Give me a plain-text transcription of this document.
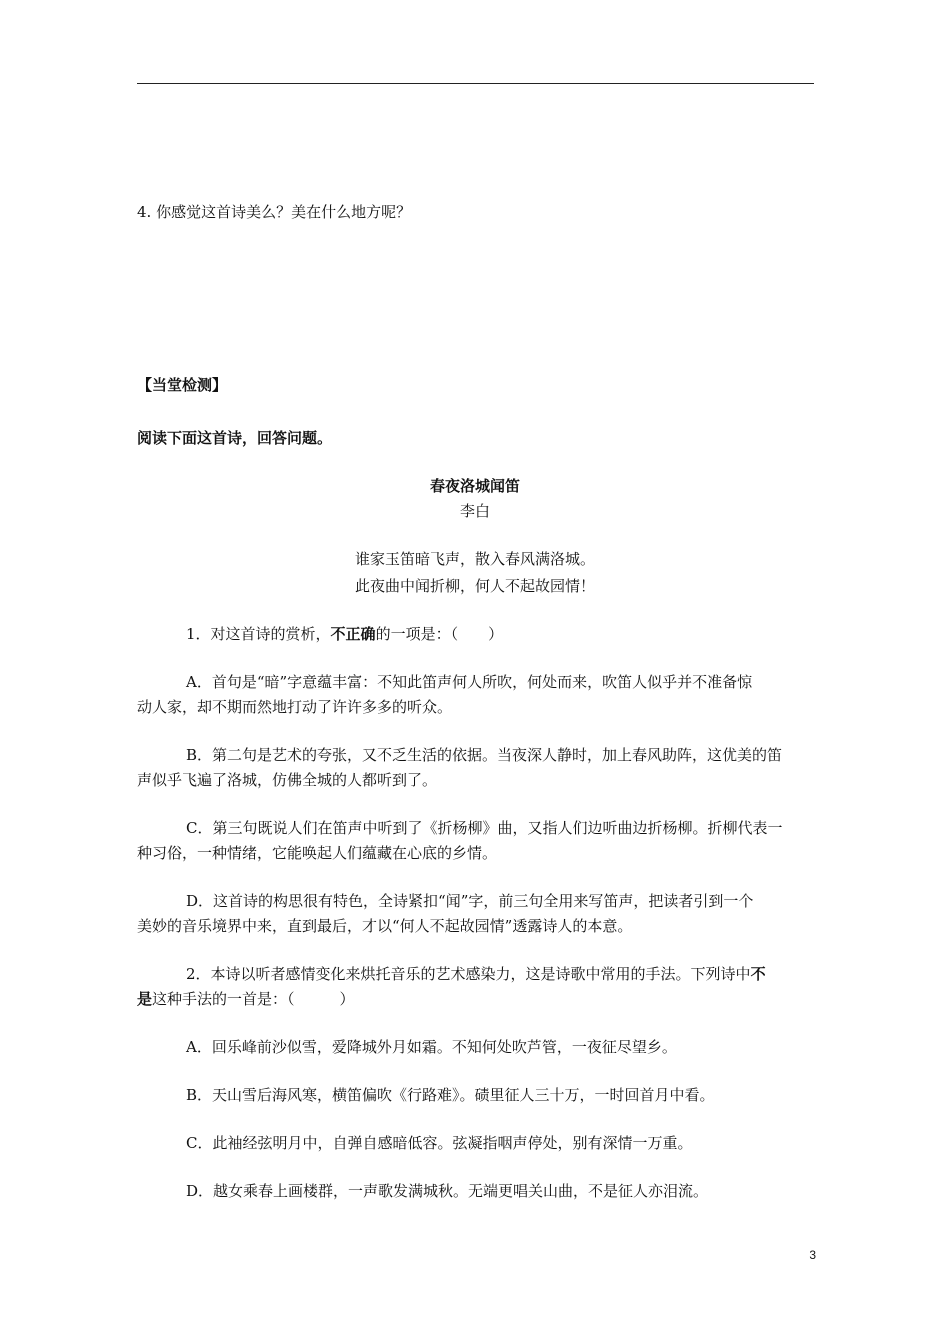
4. 你感觉这首诗美么？美在什么地方呢？
【当堂检测】
阅读下面这首诗，回答问题。
春夜洛城闻笛
李白
谁家玉笛暗飞声，散入春风满洛城。
此夜曲中闻折柳，何人不起故园情！
1．对这首诗的赏析，不正确的一项是：（　　）
A．首句是“暗”字意蕴丰富：不知此笛声何人所吹，何处而来，吹笛人似乎并不准备惊
动人家，却不期而然地打动了许许多多的听众。
B．第二句是艺术的夸张，又不乏生活的依据。当夜深人静时，加上春风助阵，这优美的笛
声似乎飞遍了洛城，仿佛全城的人都听到了。
C．第三句既说人们在笛声中听到了《折杨柳》曲，又指人们边听曲边折杨柳。折柳代表一
种习俗，一种情绪，它能唤起人们蕴藏在心底的乡情。
D．这首诗的构思很有特色，全诗紧扣“闻”字，前三句全用来写笛声，把读者引到一个
美妙的音乐境界中来，直到最后，才以“何人不起故园情”透露诗人的本意。
2．本诗以听者感情变化来烘托音乐的艺术感染力，这是诗歌中常用的手法。下列诗中不
是这种手法的一首是：（　　　）
A．回乐峰前沙似雪，爱降城外月如霜。不知何处吹芦管，一夜征尽望乡。
B．天山雪后海风寒，横笛偏吹《行路难》。碛里征人三十万，一时回首月中看。
C．此袖经弦明月中，自弹自感暗低容。弦凝指咽声停处，别有深情一万重。
D．越女乘春上画楼群，一声歌发满城秋。无端更唱关山曲，不是征人亦泪流。
3
